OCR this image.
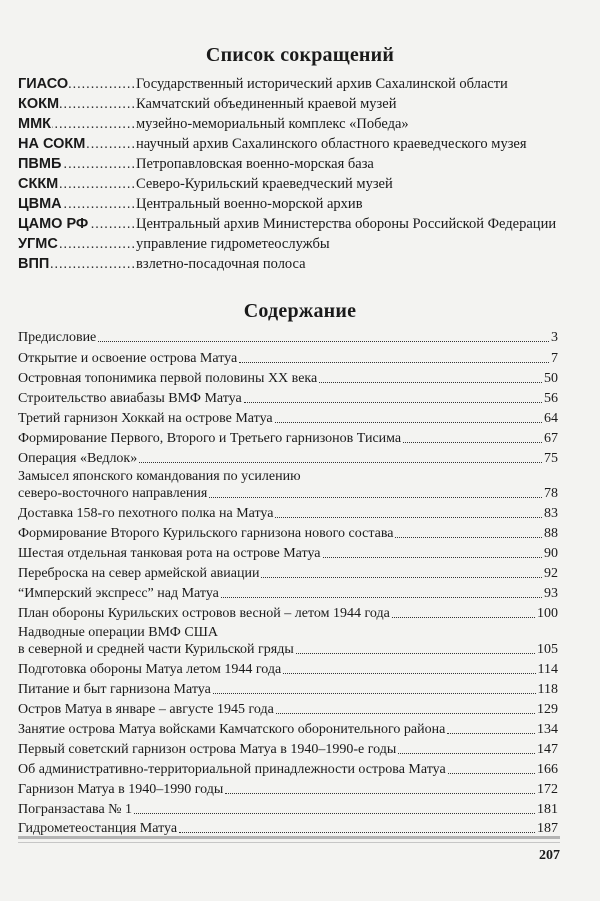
Список сокращений
ГИАСО .....	Государственный исторический архив Сахалинской области
КОКМ .....	Камчатский объединенный краевой музей
ММК .....	музейно-мемориальный комплекс «Победа»
НА СОКМ .....	научный архив Сахалинского областного краеведческого музея
ПВМБ .....	Петропавловская военно-морская база
СККМ .....	Северо-Курильский краеведческий музей
ЦВМА .....	Центральный военно-морской архив
ЦАМО РФ .....	Центральный архив Министерства обороны Российской Федерации
УГМС .....	управление гидрометеослужбы
ВПП .....	взлетно-посадочная полоса
Содержание
Предисловие	3
Открытие и освоение острова Матуа	7
Островная топонимика первой половины XX века	50
Строительство авиабазы ВМФ Матуа	56
Третий гарнизон Хоккай на острове Матуа	64
Формирование Первого, Второго и Третьего гарнизонов Тисима	67
Операция «Ведлок»	75
Замысел японского командования по усилению
северо-восточного направления	78
Доставка 158-го пехотного полка на Матуа	83
Формирование Второго Курильского гарнизона нового состава	88
Шестая отдельная танковая рота на острове Матуа	90
Переброска на север армейской авиации	92
“Имперский экспресс” над Матуа	93
План обороны Курильских островов весной – летом 1944 года	100
Надводные операции ВМФ США
в северной и средней части Курильской гряды	105
Подготовка обороны Матуа летом 1944 года	114
Питание и быт гарнизона Матуа	118
Остров Матуа в январе – августе 1945 года	129
Занятие острова Матуа войсками Камчатского оборонительного района	134
Первый советский гарнизон острова Матуа в 1940–1990-е годы	147
Об административно-территориальной принадлежности острова Матуа	166
Гарнизон Матуа в 1940–1990 годы	172
Погранзастава № 1	181
Гидрометеостанция Матуа	187
207
